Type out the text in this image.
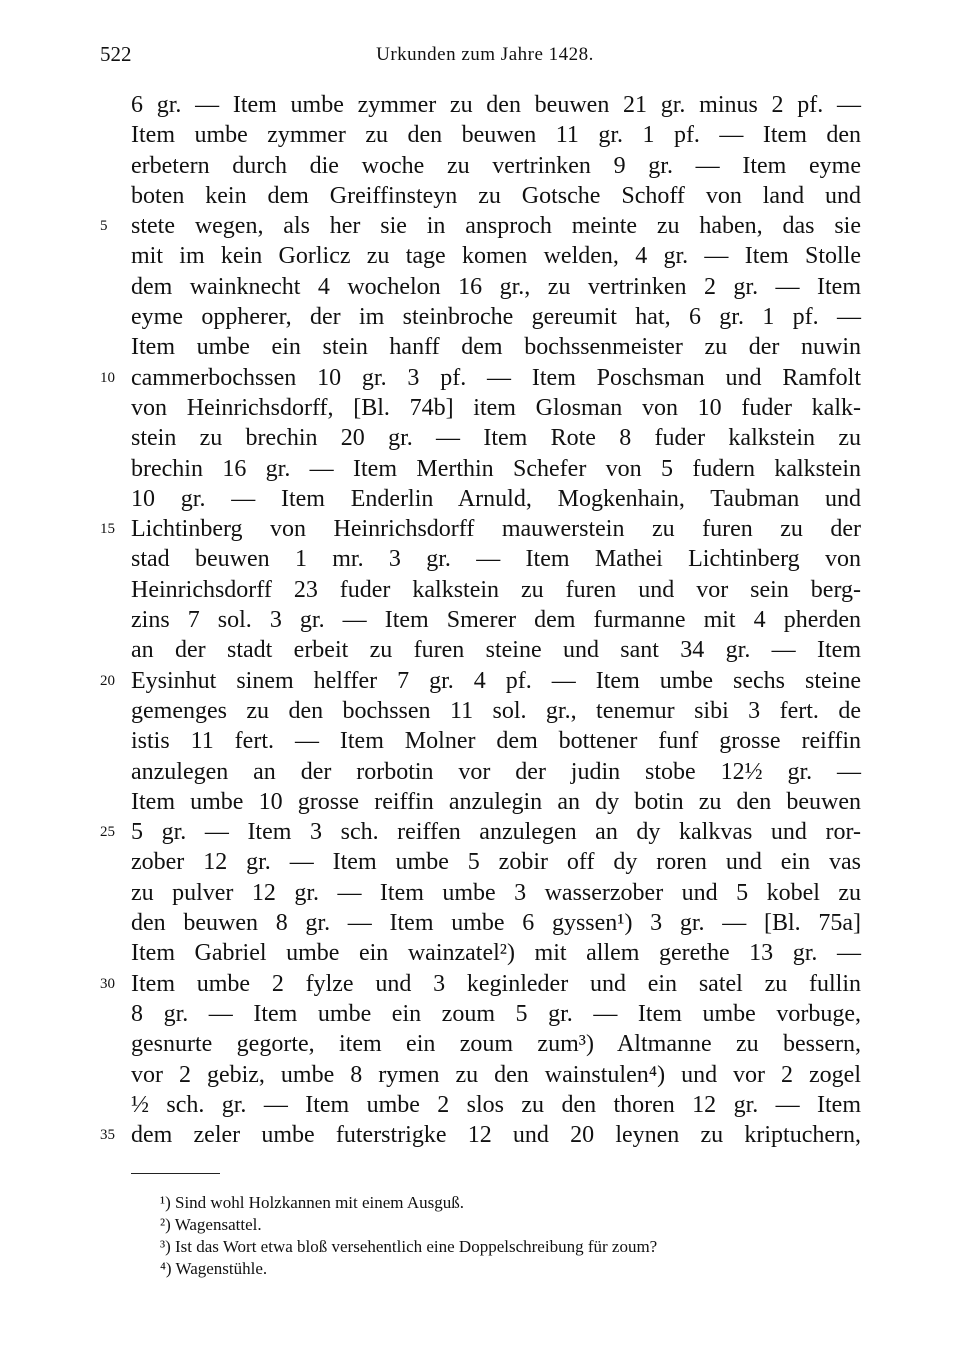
522	Urkunden zum Jahre 1428.
6 gr. — Item umbe zymmer zu den beuwen 21 gr. minus 2 pf. —
Item umbe zymmer zu den beuwen 11 gr. 1 pf. — Item den
erbetern durch die woche zu vertrinken 9 gr. — Item eyme
boten kein dem Greiffinsteyn zu Gotsche Schoff von land und
5 stete wegen, als her sie in ansproch meinte zu haben, das sie
mit im kein Gorlicz zu tage komen welden, 4 gr. — Item Stolle
dem wainknecht 4 wochelon 16 gr., zu vertrinken 2 gr. — Item
eyme oppherer, der im steinbroche gereumit hat, 6 gr. 1 pf. —
Item umbe ein stein hanff dem bochssenmeister zu der nuwin
10 cammerbochssen 10 gr. 3 pf. — Item Poschsman und Ramfolt
von Heinrichsdorff, [Bl. 74b] item Glosman von 10 fuder kalk-
stein zu brechin 20 gr. — Item Rote 8 fuder kalkstein zu
brechin 16 gr. — Item Merthin Schefer von 5 fudern kalkstein
10 gr. — Item Enderlin Arnuld, Mogkenhain, Taubman und
15 Lichtinberg von Heinrichsdorff mauwerstein zu furen zu der
stad beuwen 1 mr. 3 gr. — Item Mathei Lichtinberg von
Heinrichsdorff 23 fuder kalkstein zu furen und vor sein berg-
zins 7 sol. 3 gr. — Item Smerer dem furmanne mit 4 pherden
an der stadt erbeit zu furen steine und sant 34 gr. — Item
20 Eysinhut sinem helffer 7 gr. 4 pf. — Item umbe sechs steine
gemenges zu den bochssen 11 sol. gr., tenemur sibi 3 fert. de
istis 11 fert. — Item Molner dem bottener funf grosse reiffin
anzulegen an der rorbotin vor der judin stobe 12½ gr. —
Item umbe 10 grosse reiffin anzulegin an dy botin zu den beuwen
25 5 gr. — Item 3 sch. reiffen anzulegen an dy kalkvas und ror-
zober 12 gr. — Item umbe 5 zobir off dy roren und ein vas
zu pulver 12 gr. — Item umbe 3 wasserzober und 5 kobel zu
den beuwen 8 gr. — Item umbe 6 gyssen¹) 3 gr. — [Bl. 75a]
Item Gabriel umbe ein wainzatel²) mit allem gerethe 13 gr. —
30 Item umbe 2 fylze und 3 keginleder und ein satel zu fullin
8 gr. — Item umbe ein zoum 5 gr. — Item umbe vorbuge,
gesnurte gegorte, item ein zoum zum³) Altmanne zu bessern,
vor 2 gebiz, umbe 8 rymen zu den wainstulen⁴) und vor 2 zogel
½ sch. gr. — Item umbe 2 slos zu den thoren 12 gr. — Item
35 dem zeler umbe futerstrigke 12 und 20 leynen zu kriptuchern,
¹) Sind wohl Holzkannen mit einem Ausguß.
²) Wagensattel.
³) Ist das Wort etwa bloß versehentlich eine Doppelschreibung für zoum?
⁴) Wagenstühle.
